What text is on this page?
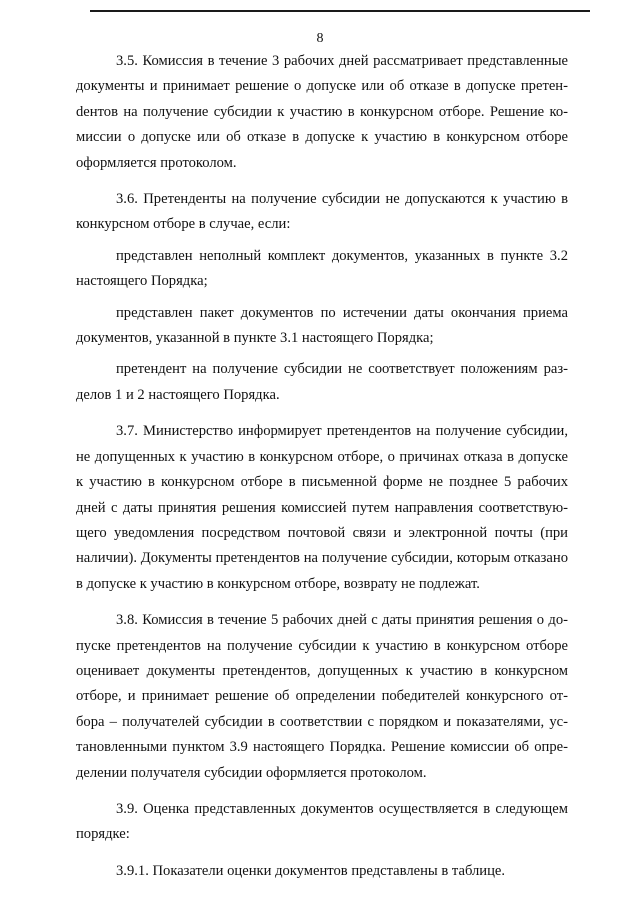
8

3.5. Комиссия в течение 3 рабочих дней рассматривает представленные документы и принимает решение о допуске или об отказе в допуске претенdентов на получение субсидии к участию в конкурсном отборе. Решение комиссии о допуске или об отказе в допуске к участию в конкурсном отборе оформляется протоколом.

3.6. Претенденты на получение субсидии не допускаются к участию в конкурсном отборе в случае, если:

представлен неполный комплект документов, указанных в пункте 3.2 настоящего Порядка;

представлен пакет документов по истечении даты окончания приема документов, указанной в пункте 3.1 настоящего Порядка;

претендент на получение субсидии не соответствует положениям разделов 1 и 2 настоящего Порядка.

3.7. Министерство информирует претендентов на получение субсидии, не допущенных к участию в конкурсном отборе, о причинах отказа в допуске к участию в конкурсном отборе в письменной форме не позднее 5 рабочих дней с даты принятия решения комиссией путем направления соответствующего уведомления посредством почтовой связи и электронной почты (при наличии). Документы претендентов на получение субсидии, которым отказано в допуске к участию в конкурсном отборе, возврату не подлежат.

3.8. Комиссия в течение 5 рабочих дней с даты принятия решения о допуске претендентов на получение субсидии к участию в конкурсном отборе оценивает документы претендентов, допущенных к участию в конкурсном отборе, и принимает решение об определении победителей конкурсного отбора – получателей субсидии в соответствии с порядком и показателями, установленными пунктом 3.9 настоящего Порядка. Решение комиссии об определении получателя субсидии оформляется протоколом.

3.9. Оценка представленных документов осуществляется в следующем порядке:

3.9.1. Показатели оценки документов представлены в таблице.
